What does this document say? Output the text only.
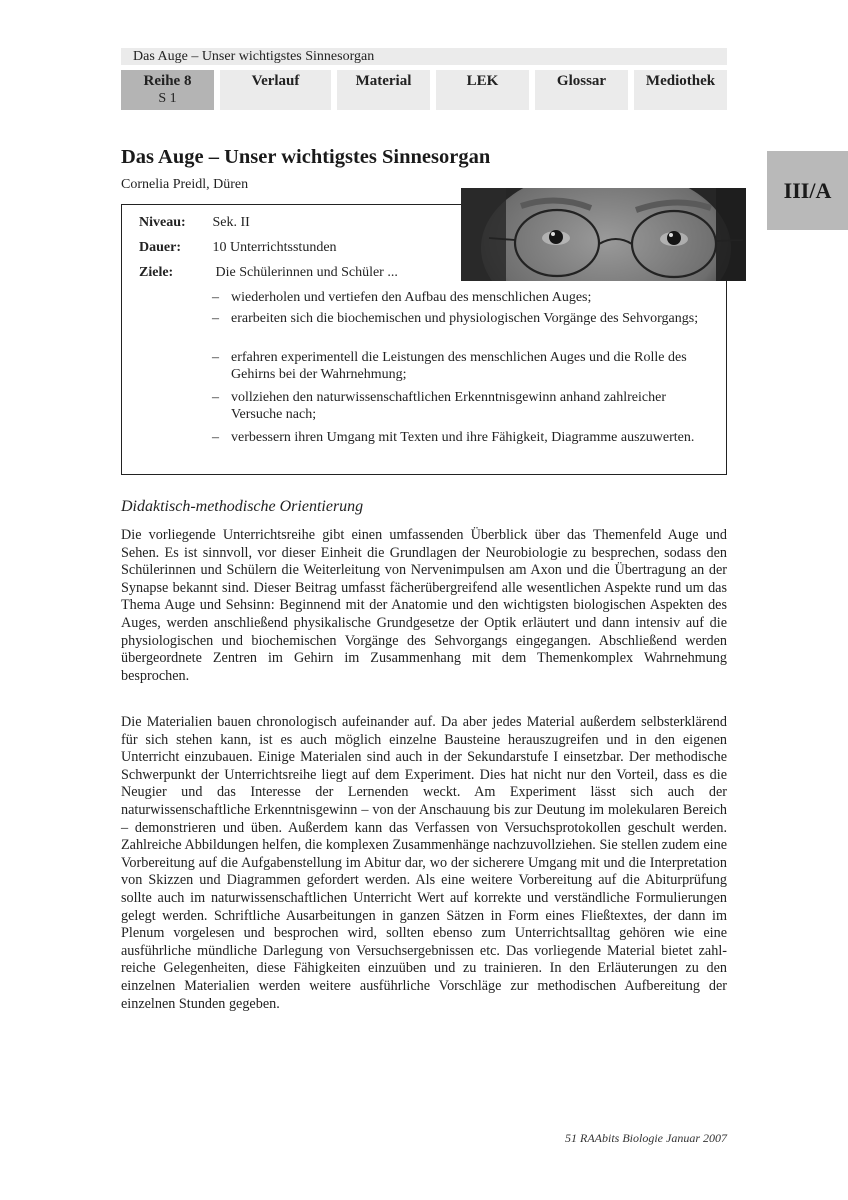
Das Auge – Unser wichtigstes Sinnesorgan
Reihe 8
S 1
Verlauf	Material	LEK	Glossar	Mediothek
III/A
Das Auge – Unser wichtigstes Sinnesorgan
Cornelia Preidl, Düren
Niveau: Sek. II
Dauer: 10 Unterrichtsstunden
Ziele:	Die Schülerinnen und Schüler ...
– wiederholen und vertiefen den Aufbau des menschlichen Auges;
– erarbeiten sich die biochemischen und physiologischen Vorgänge des Sehvorgangs;
– erfahren experimentell die Leistungen des menschlichen Auges und die Rolle des Gehirns bei der Wahrnehmung;
– vollziehen den naturwissenschaftlichen Erkenntnisgewinn anhand zahlreicher Versuche nach;
– verbessern ihren Umgang mit Texten und ihre Fähigkeit, Diagramme auszuwerten.
Didaktisch-methodische Orientierung

Die vorliegende Unterrichtsreihe gibt einen umfassenden Überblick über das Themenfeld Auge und Sehen. Es ist sinnvoll, vor dieser Einheit die Grundlagen der Neurobiologie zu besprechen, sodass den Schülerinnen und Schülern die Weiterleitung von Nervenimpulsen am Axon und die Übertragung an der Synapse bekannt sind. Dieser Beitrag umfasst fächerübergreifend alle wesentlichen Aspekte rund um das Thema Auge und Sehsinn: Beginnend mit der Anatomie und den wichtigsten biologischen Aspekten des Auges, werden anschließend physikalische Grundgesetze der Optik erläutert und dann intensiv auf die physiologischen und biochemischen Vorgänge des Sehvorgangs eingegangen. Abschließend werden übergeordnete Zentren im Gehirn im Zusammenhang mit dem Themenkomplex Wahrnehmung besprochen.

Die Materialien bauen chronologisch aufeinander auf. Da aber jedes Material außerdem selbsterklärend für sich stehen kann, ist es auch möglich einzelne Bausteine herauszugreifen und in den eigenen Unterricht einzubauen. Einige Materialen sind auch in der Sekundarstufe I einsetzbar. Der methodische Schwerpunkt der Unterrichtsreihe liegt auf dem Experiment. Dies hat nicht nur den Vorteil, dass es die Neugier und das Interesse der Lernenden weckt. Am Experiment lässt sich auch der naturwissenschaftliche Erkenntnisgewinn – von der Anschauung bis zur Deutung im molekularen Bereich – demonstrieren und üben. Außerdem kann das Verfassen von Versuchsprotokollen geschult werden. Zahlreiche Abbildungen helfen, die komplexen Zusammenhänge nachzuvollziehen. Sie stellen zudem eine Vorbereitung auf die Aufgabenstellung im Abitur dar, wo der sicherere Umgang mit und die Interpretation von Skizzen und Diagrammen gefordert werden. Als eine weitere Vorbereitung auf die Abiturprüfung sollte auch im naturwissenschaftlichen Unterricht Wert auf korrekte und verständliche Formulierungen gelegt werden. Schriftliche Ausarbeitungen in ganzen Sätzen in Form eines Fließtextes, der dann im Plenum vorgelesen und besprochen wird, sollten ebenso zum Unterrichtsalltag gehören wie eine ausführliche mündliche Darlegung von Versuchsergebnissen etc. Das vorliegende Material bietet zahlreiche Gelegenheiten, diese Fähigkeiten einzuüben und zu trainieren. In den Erläuterungen zu den einzelnen Materialien werden weitere ausführliche Vorschläge zur methodischen Aufbereitung der einzelnen Stunden gegeben.

51 RAAbits Biologie Januar 2007
